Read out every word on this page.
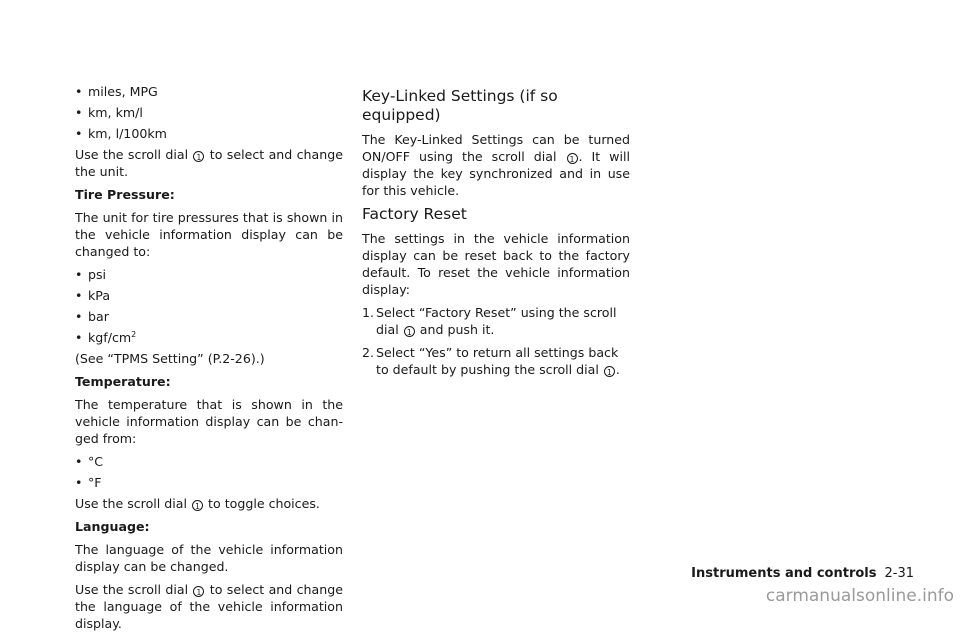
• miles, MPG
• km, km/l
• km, l/100km

Use the scroll dial 1 to select and change the unit.

Tire Pressure:

The unit for tire pressures that is shown in the vehicle information display can be changed to:

• psi
• kPa
• bar
• kgf/$cm^2$

(See “TPMS Setting” (P.2-26).)

Temperature:

The temperature that is shown in the vehicle information display can be chan-ged from:

• °C
• °F

Use the scroll dial 1 to toggle choices.

Language:

The language of the vehicle information display can be changed.

Use the scroll dial 1 to select and change the language of the vehicle information display.

Key-Linked Settings (if so equipped)

The Key-Linked Settings can be turned ON/OFF using the scroll dial 1 . It will display the key synchronized and in use for this vehicle.

Factory Reset

The settings in the vehicle information display can be reset back to the factory default. To reset the vehicle information display:

1. Select “Factory Reset” using the scroll dial 1 and push it.
2. Select “Yes” to return all settings back to default by pushing the scroll dial 1 .
Instruments and controls 2-31
carmanualsonline.info
